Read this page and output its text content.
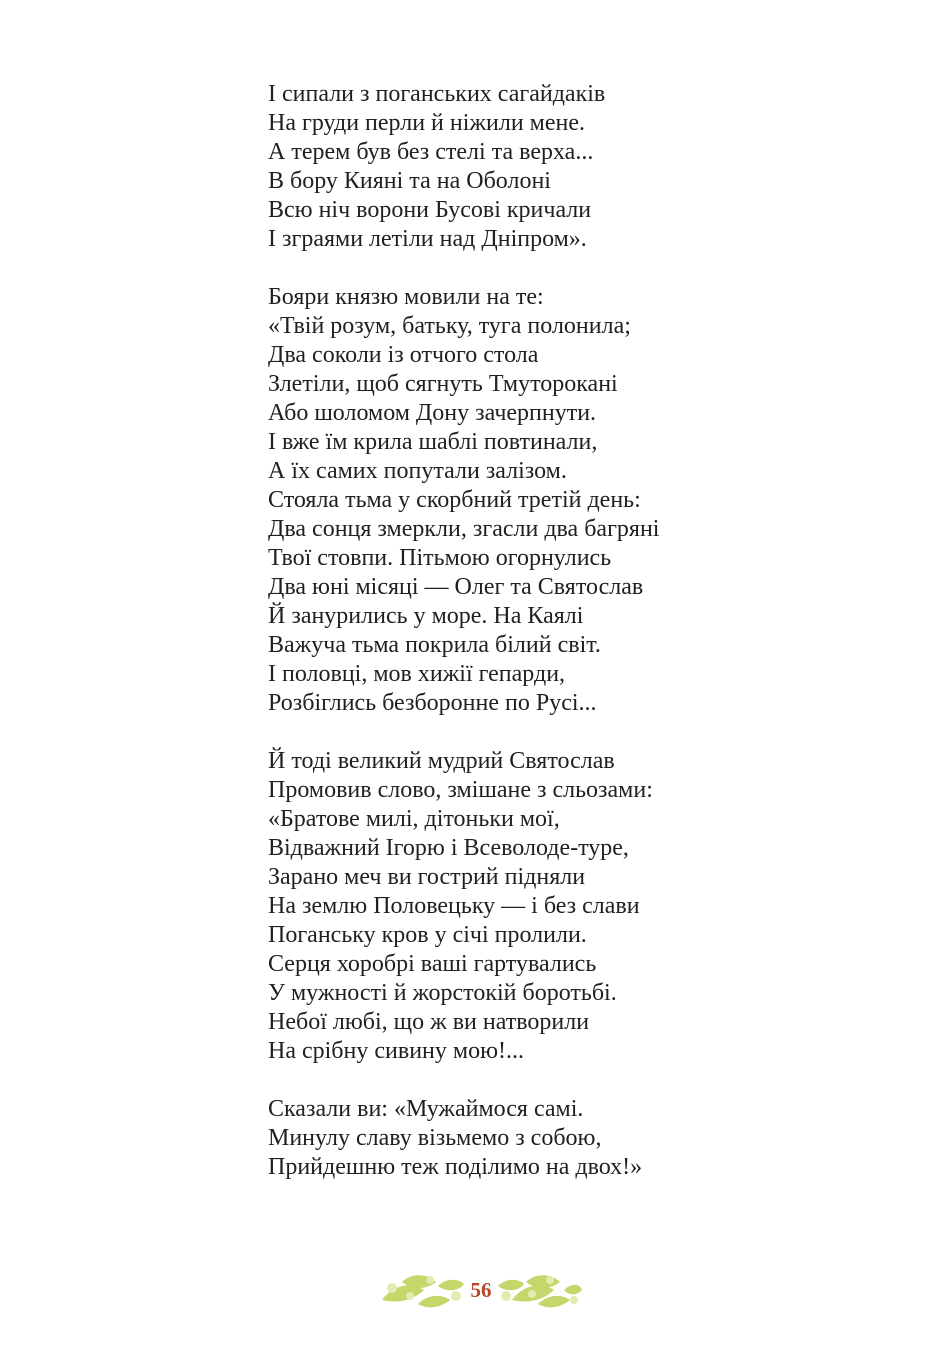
І сипали з поганських сагайдаків
На груди перли й ніжили мене.
А терем був без стелі та верха...
В бору Кияні та на Оболоні
Всю ніч ворони Бусові кричали
І зграями летіли над Дніпром».
Бояри князю мовили на те:
«Твій розум, батьку, туга полонила;
Два соколи із отчого стола
Злетіли, щоб сягнуть Тмутороканi
Або шоломом Дону зачерпнути.
І вже їм крила шаблі повтинали,
А їх самих попутали залізом.
Стояла тьма у скорбний третій день:
Два сонця змеркли, згасли два багряні
Твої стовпи. Пітьмою огорнулись
Два юні місяці — Олег та Святослав
Й занурились у море. На Каялі
Важуча тьма покрила білий світ.
І половці, мов хижії гепарди,
Розбіглись безборонне по Русі...
Й тоді великий мудрий Святослав
Промовив слово, змішане з сльозами:
«Братове милі, дітоньки мої,
Відважний Ігорю і Всеволоде-туре,
Зарано меч ви гострий підняли
На землю Половецьку — і без слави
Поганську кров у січі пролили.
Серця хоробрі ваші гартувались
У мужності й жорстокій боротьбі.
Небої любі, що ж ви натворили
На срібну сивину мою!...
Сказали ви: «Мужаймося самі.
Минулу славу візьмемо з собою,
Прийдешню теж поділимо на двох!»
56
